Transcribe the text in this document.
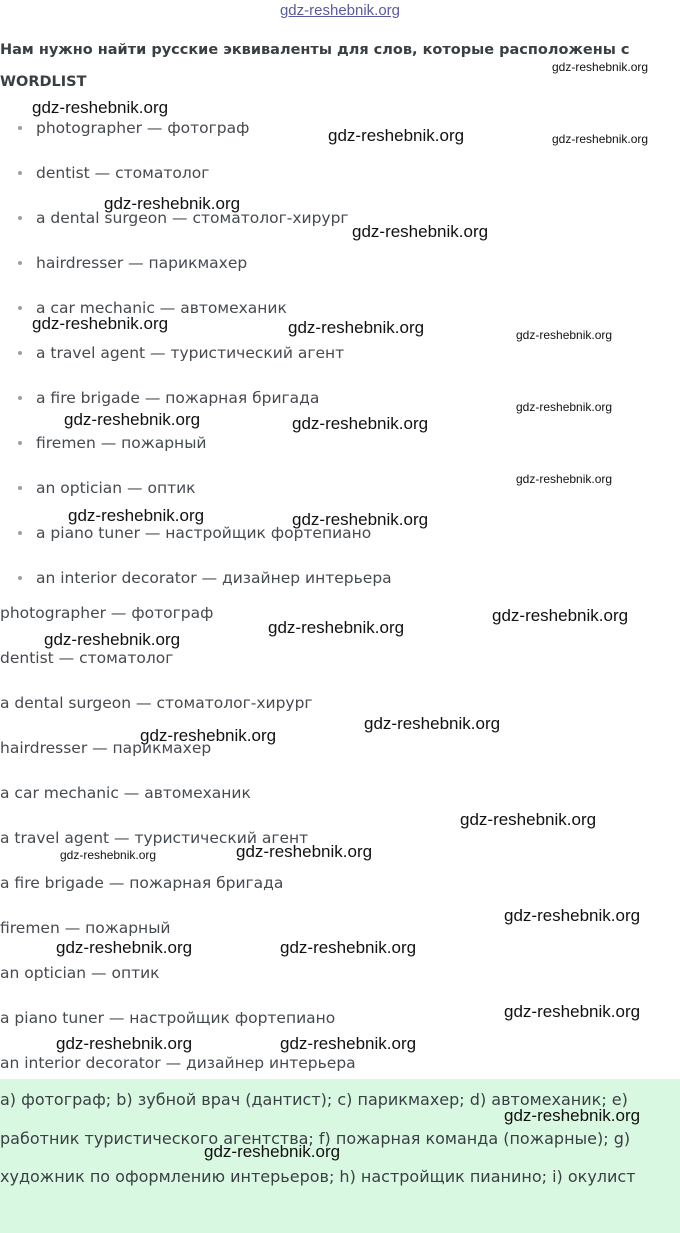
gdz-reshebnik.org
Нам нужно найти русские эквиваленты для слов, которые расположены с WORDLIST
photographer — фотограф
dentist — стоматолог
a dental surgeon — стоматолог-хирург
hairdresser — парикмахер
a car mechanic — автомеханик
a travel agent — туристический агент
a fire brigade — пожарная бригада
firemen — пожарный
an optician — оптик
a piano tuner — настройщик фортепиано
an interior decorator — дизайнер интерьера
photographer — фотограф
dentist — стоматолог
a dental surgeon — стоматолог-хирург
hairdresser — парикмахер
a car mechanic — автомеханик
a travel agent — туристический агент
a fire brigade — пожарная бригада
firemen — пожарный
an optician — оптик
a piano tuner — настройщик фортепиано
an interior decorator — дизайнер интерьера

а) фотограф; b) зубной врач (дантист); c) парикмахер; d) автомеханик; e) работник туристического агентства; f) пожарная команда (пожарные); g) художник по оформлению интерьеров; h) настройщик пианино; i) окулист

gdz-reshebnik.org
gdz-reshebnik.org
gdz-reshebnik.org	gdz-reshebnik.org
gdz-reshebnik.org
gdz-reshebnik.org
gdz-reshebnik.org	gdz-reshebnik.org	gdz-reshebnik.org
gdz-reshebnik.org
gdz-reshebnik.org	gdz-reshebnik.org
gdz-reshebnik.org
gdz-reshebnik.org	gdz-reshebnik.org
gdz-reshebnik.org
gdz-reshebnik.org
gdz-reshebnik.org
gdz-reshebnik.org
gdz-reshebnik.org
gdz-reshebnik.org
gdz-reshebnik.org
gdz-reshebnik.org
gdz-reshebnik.org
gdz-reshebnik.org	gdz-reshebnik.org
gdz-reshebnik.org
gdz-reshebnik.org	gdz-reshebnik.org
gdz-reshebnik.org
gdz-reshebnik.org
